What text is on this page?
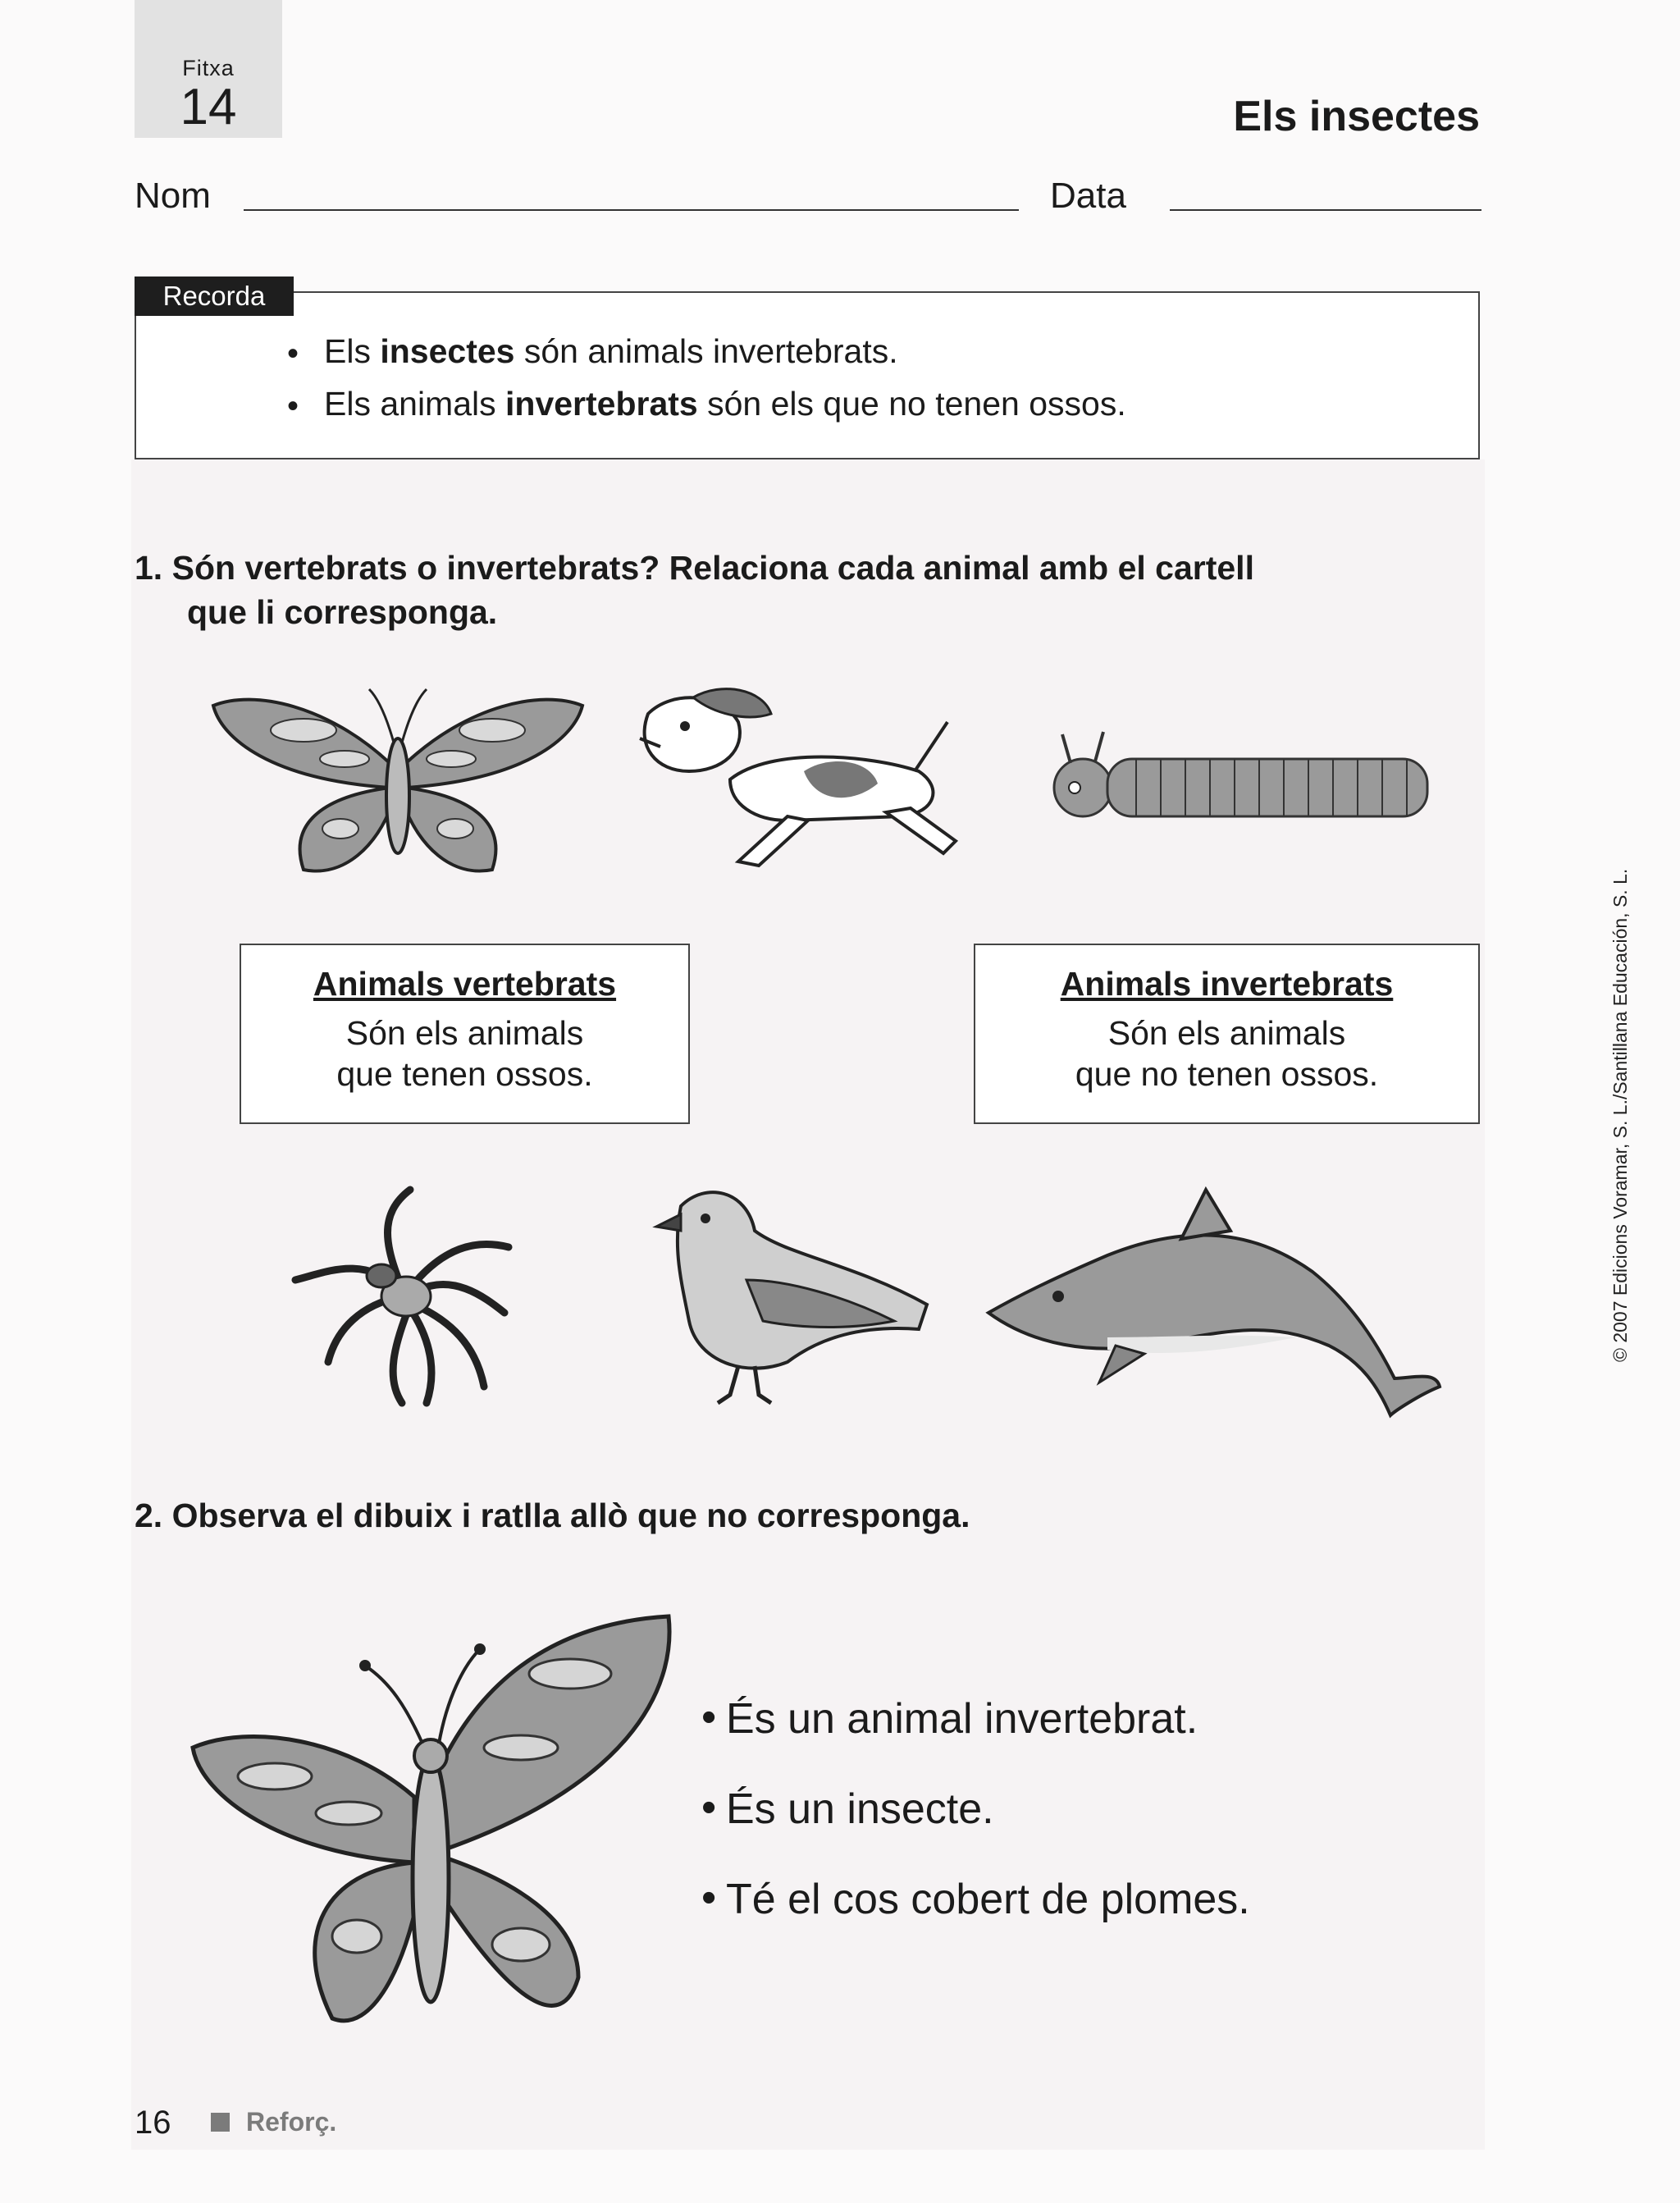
Fitxa
14	Els insectes
Nom	Data
Recorda
• Els insectes són animals invertebrats.
• Els animals invertebrats són els que no tenen ossos.
1. Són vertebrats o invertebrats? Relaciona cada animal amb el cartell
que li corresponga.
Animals vertebrats
Són els animals
que tenen ossos.
Animals invertebrats
Són els animals
que no tenen ossos.
2. Observa el dibuix i ratlla allò que no corresponga.
• És un animal invertebrat.
• És un insecte.
• Té el cos cobert de plomes.
© 2007 Edicions Voramar, S. L./Santillana Educación, S. L.
16	Reforç.
